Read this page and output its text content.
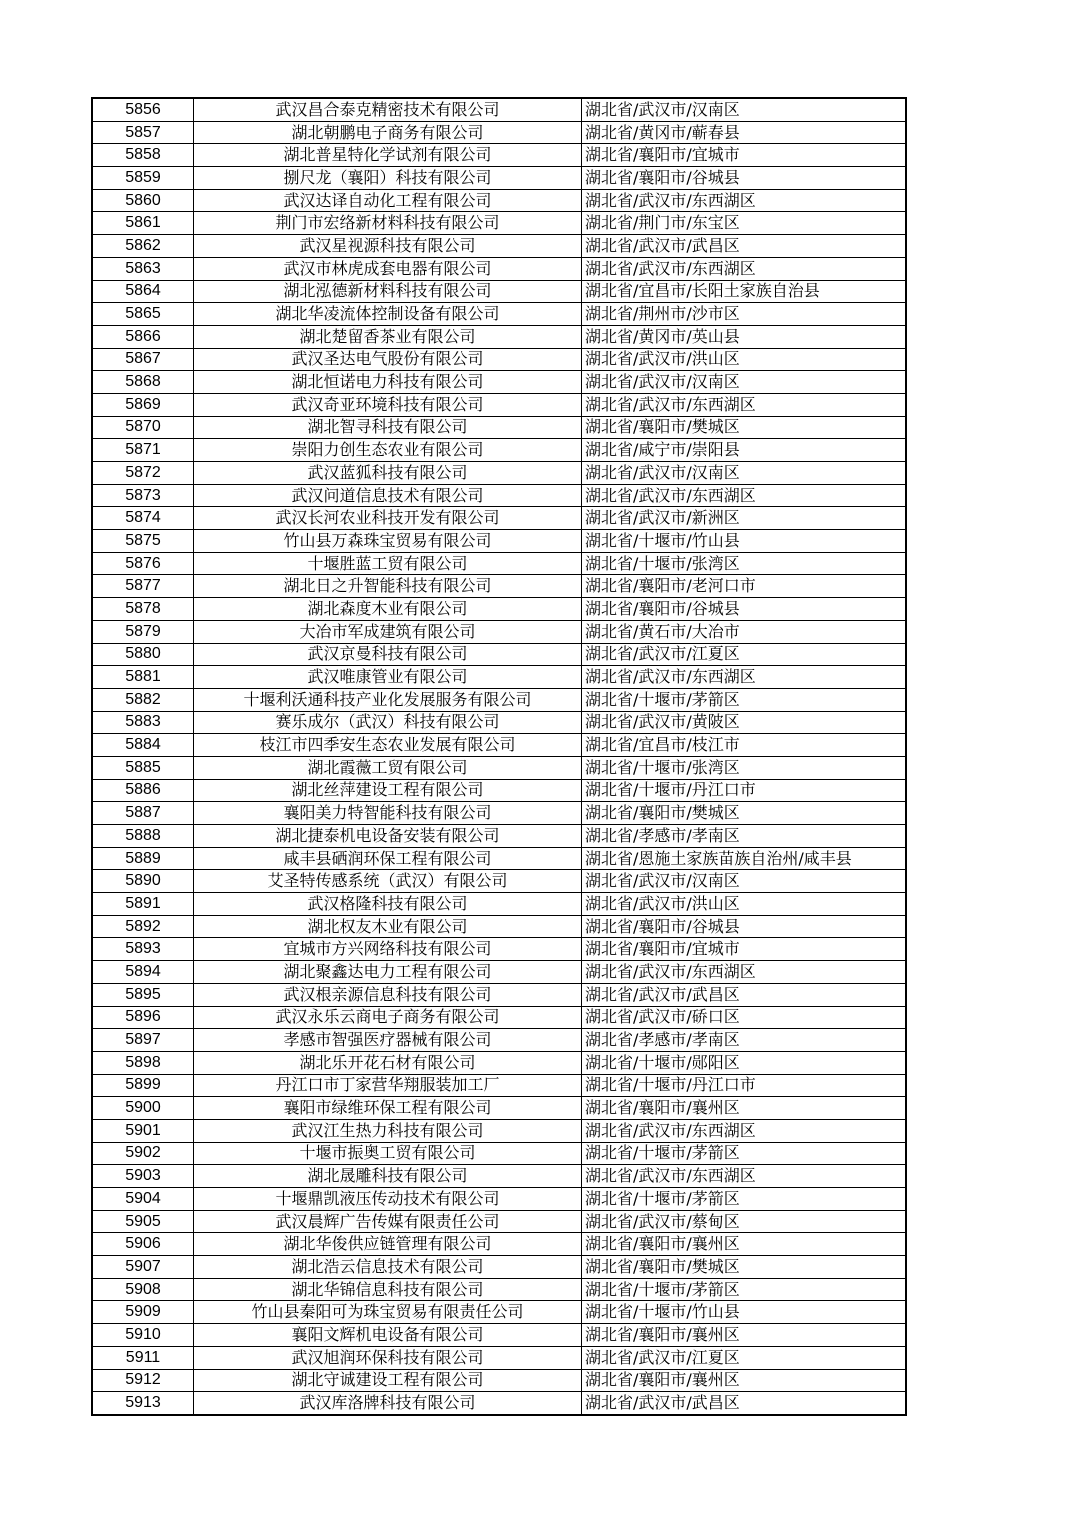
5856	武汉昌合泰克精密技术有限公司	湖北省/武汉市/汉南区
5857	湖北朝鹏电子商务有限公司	湖北省/黄冈市/蕲春县
5858	湖北普星特化学试剂有限公司	湖北省/襄阳市/宜城市
5859	捌尺龙（襄阳）科技有限公司	湖北省/襄阳市/谷城县
5860	武汉达译自动化工程有限公司	湖北省/武汉市/东西湖区
5861	荆门市宏络新材料科技有限公司	湖北省/荆门市/东宝区
5862	武汉星视源科技有限公司	湖北省/武汉市/武昌区
5863	武汉市林虎成套电器有限公司	湖北省/武汉市/东西湖区
5864	湖北泓德新材料科技有限公司	湖北省/宜昌市/长阳土家族自治县
5865	湖北华凌流体控制设备有限公司	湖北省/荆州市/沙市区
5866	湖北楚留香茶业有限公司	湖北省/黄冈市/英山县
5867	武汉圣达电气股份有限公司	湖北省/武汉市/洪山区
5868	湖北恒诺电力科技有限公司	湖北省/武汉市/汉南区
5869	武汉奇亚环境科技有限公司	湖北省/武汉市/东西湖区
5870	湖北智寻科技有限公司	湖北省/襄阳市/樊城区
5871	崇阳力创生态农业有限公司	湖北省/咸宁市/崇阳县
5872	武汉蓝狐科技有限公司	湖北省/武汉市/汉南区
5873	武汉问道信息技术有限公司	湖北省/武汉市/东西湖区
5874	武汉长河农业科技开发有限公司	湖北省/武汉市/新洲区
5875	竹山县万森珠宝贸易有限公司	湖北省/十堰市/竹山县
5876	十堰胜蓝工贸有限公司	湖北省/十堰市/张湾区
5877	湖北日之升智能科技有限公司	湖北省/襄阳市/老河口市
5878	湖北森度木业有限公司	湖北省/襄阳市/谷城县
5879	大冶市军成建筑有限公司	湖北省/黄石市/大冶市
5880	武汉京曼科技有限公司	湖北省/武汉市/江夏区
5881	武汉唯康管业有限公司	湖北省/武汉市/东西湖区
5882	十堰利沃通科技产业化发展服务有限公司	湖北省/十堰市/茅箭区
5883	赛乐成尔（武汉）科技有限公司	湖北省/武汉市/黄陂区
5884	枝江市四季安生态农业发展有限公司	湖北省/宜昌市/枝江市
5885	湖北霞薇工贸有限公司	湖北省/十堰市/张湾区
5886	湖北丝萍建设工程有限公司	湖北省/十堰市/丹江口市
5887	襄阳美力特智能科技有限公司	湖北省/襄阳市/樊城区
5888	湖北捷泰机电设备安装有限公司	湖北省/孝感市/孝南区
5889	咸丰县硒润环保工程有限公司	湖北省/恩施土家族苗族自治州/咸丰县
5890	艾圣特传感系统（武汉）有限公司	湖北省/武汉市/汉南区
5891	武汉格隆科技有限公司	湖北省/武汉市/洪山区
5892	湖北权友木业有限公司	湖北省/襄阳市/谷城县
5893	宜城市方兴网络科技有限公司	湖北省/襄阳市/宜城市
5894	湖北聚鑫达电力工程有限公司	湖北省/武汉市/东西湖区
5895	武汉根亲源信息科技有限公司	湖北省/武汉市/武昌区
5896	武汉永乐云商电子商务有限公司	湖北省/武汉市/硚口区
5897	孝感市智强医疗器械有限公司	湖北省/孝感市/孝南区
5898	湖北乐开花石材有限公司	湖北省/十堰市/郧阳区
5899	丹江口市丁家营华翔服装加工厂	湖北省/十堰市/丹江口市
5900	襄阳市绿维环保工程有限公司	湖北省/襄阳市/襄州区
5901	武汉江生热力科技有限公司	湖北省/武汉市/东西湖区
5902	十堰市振奥工贸有限公司	湖北省/十堰市/茅箭区
5903	湖北晟雕科技有限公司	湖北省/武汉市/东西湖区
5904	十堰鼎凯液压传动技术有限公司	湖北省/十堰市/茅箭区
5905	武汉晨辉广告传媒有限责任公司	湖北省/武汉市/蔡甸区
5906	湖北华俊供应链管理有限公司	湖北省/襄阳市/襄州区
5907	湖北浩云信息技术有限公司	湖北省/襄阳市/樊城区
5908	湖北华锦信息科技有限公司	湖北省/十堰市/茅箭区
5909	竹山县秦阳可为珠宝贸易有限责任公司	湖北省/十堰市/竹山县
5910	襄阳文辉机电设备有限公司	湖北省/襄阳市/襄州区
5911	武汉旭润环保科技有限公司	湖北省/武汉市/江夏区
5912	湖北守诚建设工程有限公司	湖北省/襄阳市/襄州区
5913	武汉库洛牌科技有限公司	湖北省/武汉市/武昌区
